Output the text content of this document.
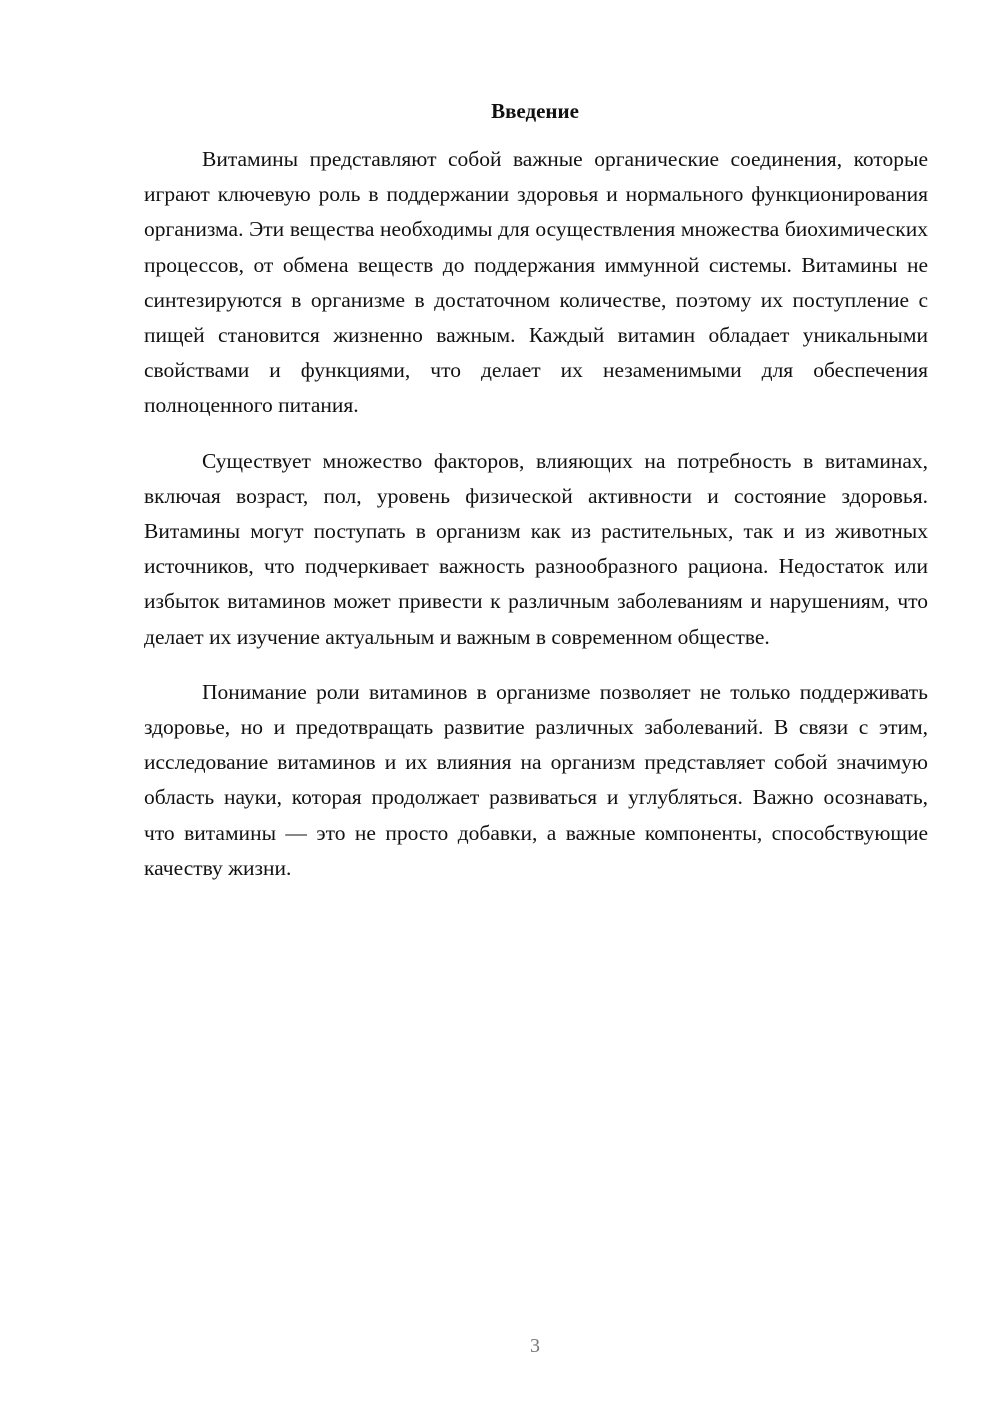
Введение

Витамины представляют собой важные органические соединения, которые играют ключевую роль в поддержании здоровья и нормального функционирования организма. Эти вещества необходимы для осуществления множества биохимических процессов, от обмена веществ до поддержания иммунной системы. Витамины не синтезируются в организме в достаточном количестве, поэтому их поступление с пищей становится жизненно важным. Каждый витамин обладает уникальными свойствами и функциями, что делает их незаменимыми для обеспечения полноценного питания.

Существует множество факторов, влияющих на потребность в витаминах, включая возраст, пол, уровень физической активности и состояние здоровья. Витамины могут поступать в организм как из растительных, так и из животных источников, что подчеркивает важность разнообразного рациона. Недостаток или избыток витаминов может привести к различным заболеваниям и нарушениям, что делает их изучение актуальным и важным в современном обществе.

Понимание роли витаминов в организме позволяет не только поддерживать здоровье, но и предотвращать развитие различных заболеваний. В связи с этим, исследование витаминов и их влияния на организм представляет собой значимую область науки, которая продолжает развиваться и углубляться. Важно осознавать, что витамины — это не просто добавки, а важные компоненты, способствующие качеству жизни.

3
